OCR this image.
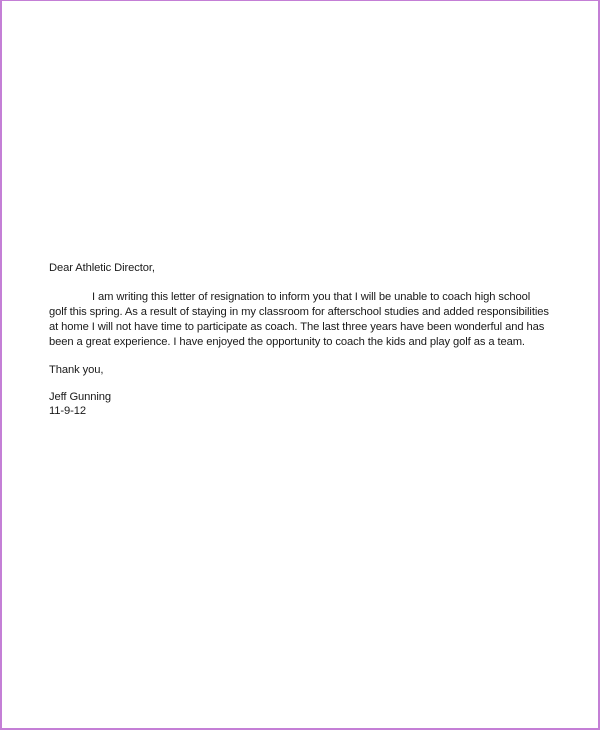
Dear Athletic Director,
I am writing this letter of resignation to inform you that I will be unable to coach high school
golf this spring. As a result of staying in my classroom for afterschool studies and added responsibilities
at home I will not have time to participate as coach. The last three years have been wonderful and has
been a great experience. I have enjoyed the opportunity to coach the kids and play golf as a team.
Thank you,
Jeff Gunning
11-9-12
